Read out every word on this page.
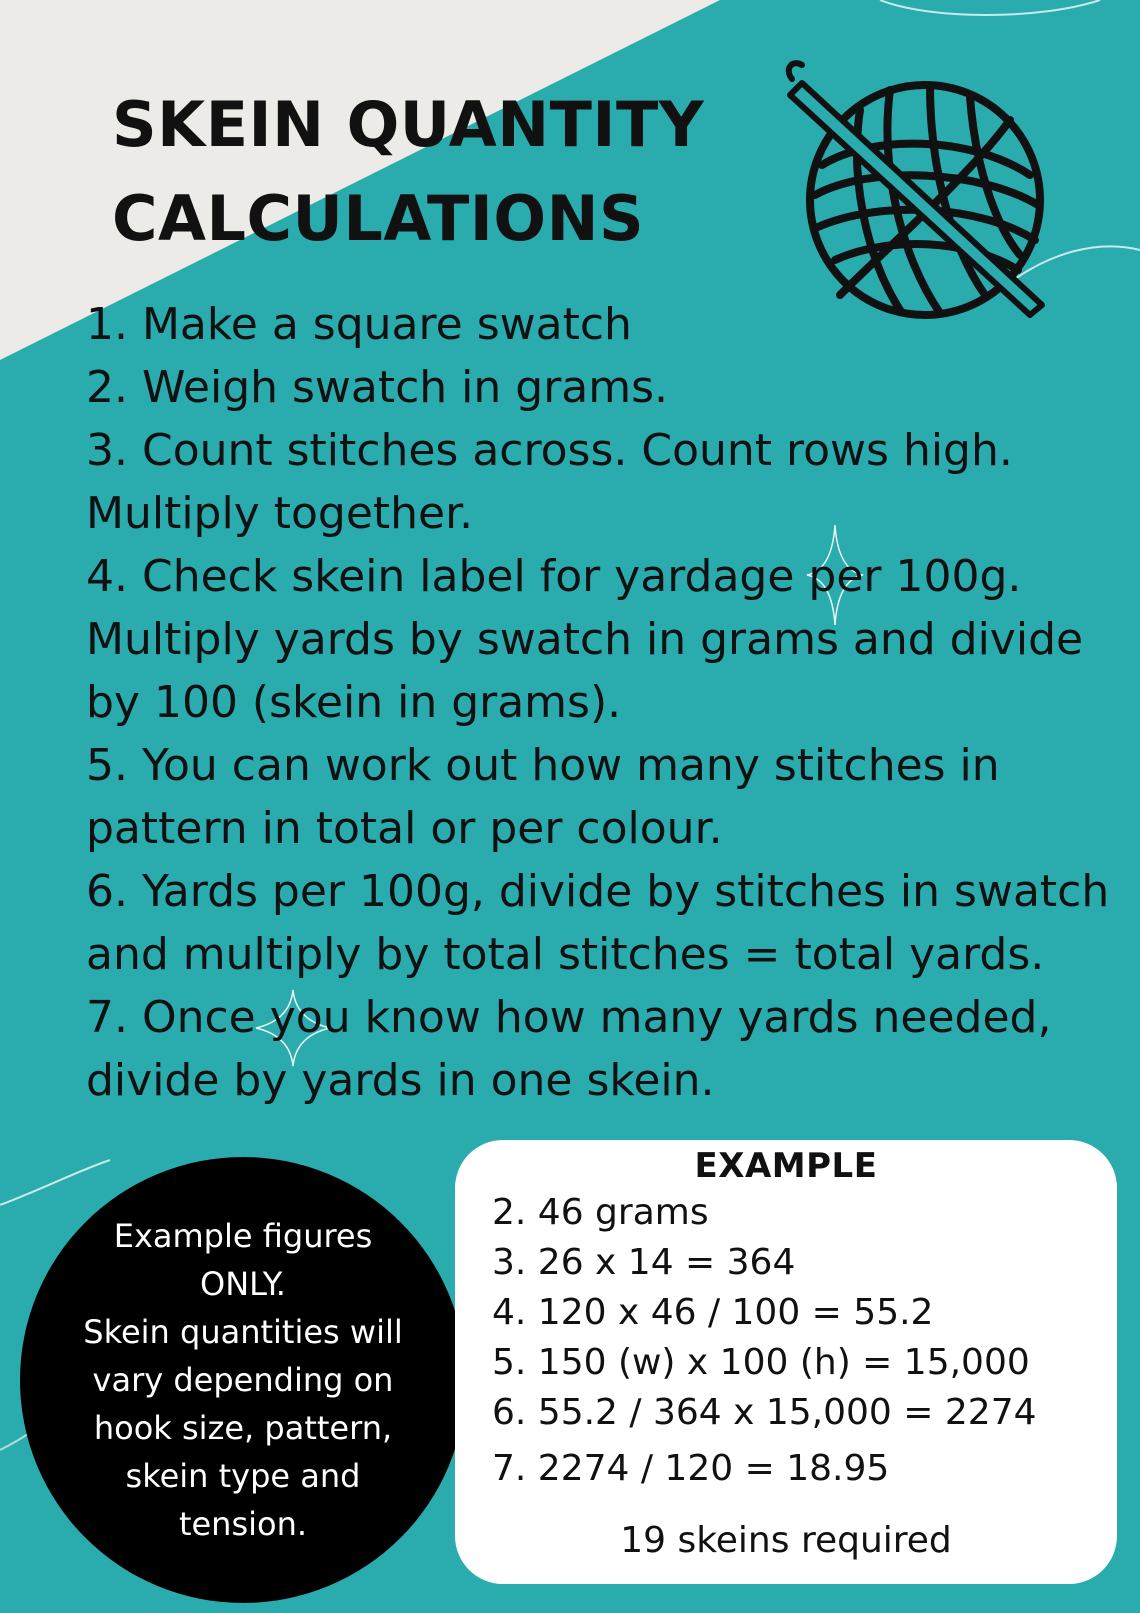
SKEIN QUANTITY
CALCULATIONS
1. Make a square swatch
2. Weigh swatch in grams.
3. Count stitches across. Count rows high. Multiply together.
4. Check skein label for yardage per 100g. Multiply yards by swatch in grams and divide by 100 (skein in grams).
5. You can work out how many stitches in pattern in total or per colour.
6. Yards per 100g, divide by stitches in swatch and multiply by total stitches = total yards.
7. Once you know how many yards needed, divide by yards in one skein.
Example figures
ONLY.
Skein quantities will
vary depending on
hook size, pattern,
skein type and
tension.
EXAMPLE
2. 46 grams
3. 26 x 14 = 364
4. 120 x 46 / 100 = 55.2
5. 150 (w) x 100 (h) = 15,000
6. 55.2 / 364 x 15,000 = 2274
7. 2274 / 120 = 18.95

19 skeins required
